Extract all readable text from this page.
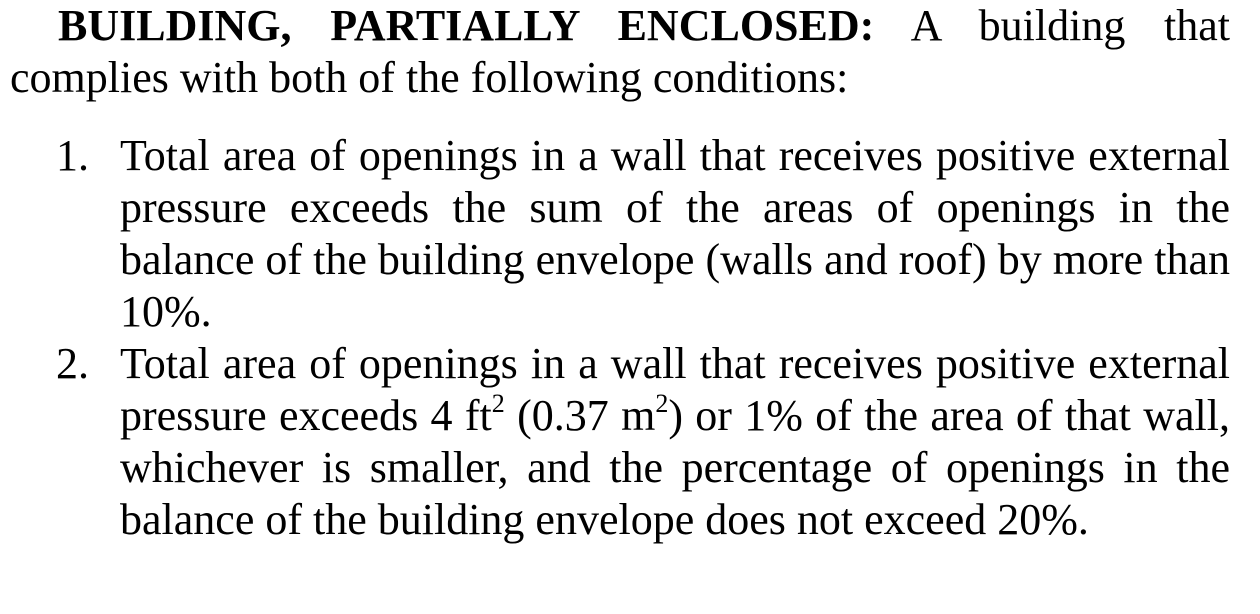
BUILDING, PARTIALLY ENCLOSED: A building that complies with both of the following conditions:

1. Total area of openings in a wall that receives positive external pressure exceeds the sum of the areas of openings in the balance of the building envelope (walls and roof) by more than 10%.
2. Total area of openings in a wall that receives positive external pressure exceeds 4 $ft^2$ (0.37 $m^2$) or 1% of the area of that wall, whichever is smaller, and the percentage of openings in the balance of the building envelope does not exceed 20%.
